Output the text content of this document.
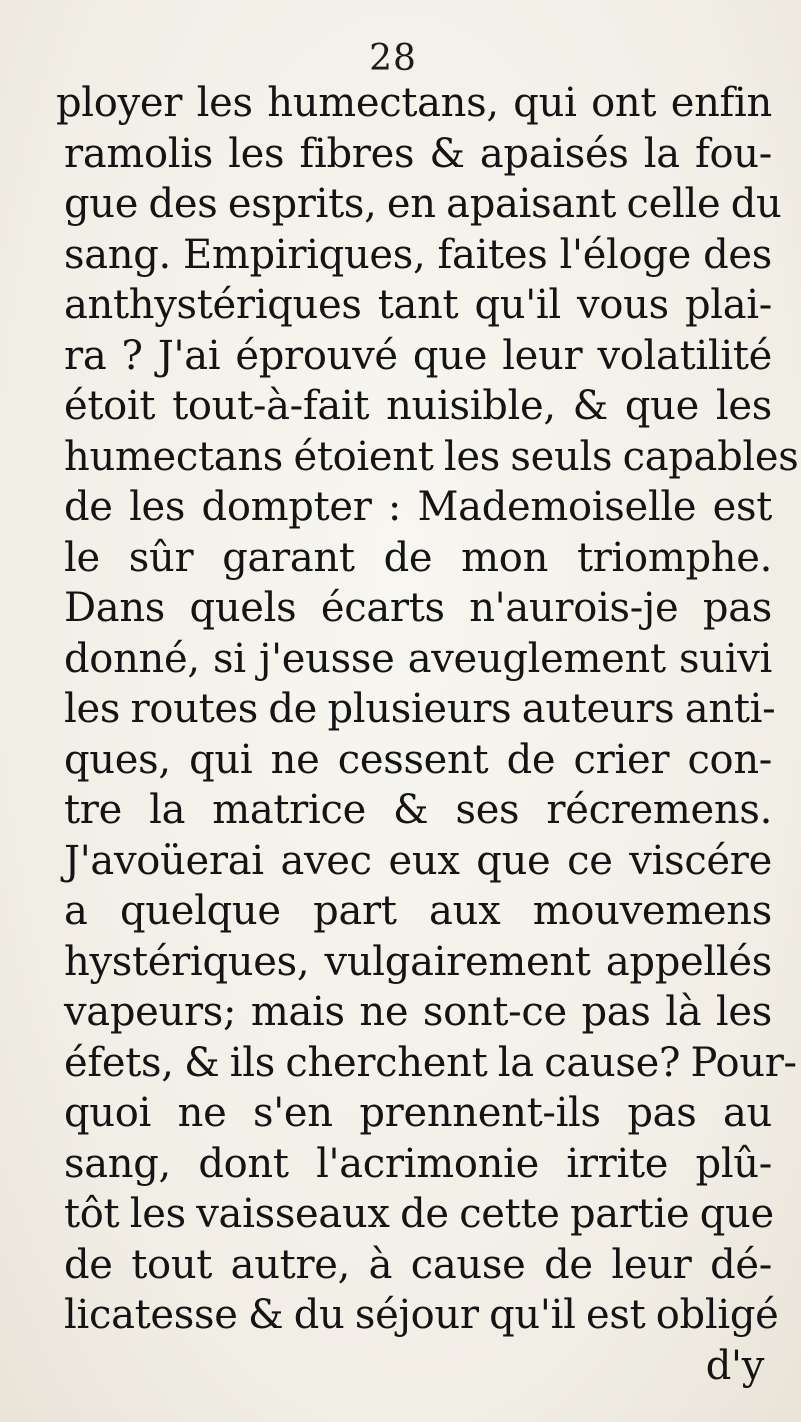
28
ployer les humectans, qui ont enfin
ramolis les fibres & apaisés la fou-
gue des esprits, en apaisant celle du
sang. Empiriques, faites l'éloge des
anthystériques tant qu'il vous plai-
ra ? J'ai éprouvé que leur volatilité
étoit tout-à-fait nuisible, & que les
humectans étoient les seuls capables
de les dompter : Mademoiselle est
le sûr garant de mon triomphe.
Dans quels écarts n'aurois-je pas
donné, si j'eusse aveuglement suivi
les routes de plusieurs auteurs anti-
ques, qui ne cessent de crier con-
tre la matrice & ses récremens.
J'avoüerai avec eux que ce viscére
a quelque part aux mouvemens
hystériques, vulgairement appellés
vapeurs; mais ne sont-ce pas là les
éfets, & ils cherchent la cause? Pour-
quoi ne s'en prennent-ils pas au
sang, dont l'acrimonie irrite plû-
tôt les vaisseaux de cette partie que
de tout autre, à cause de leur dé-
licatesse & du séjour qu'il est obligé
d'y
